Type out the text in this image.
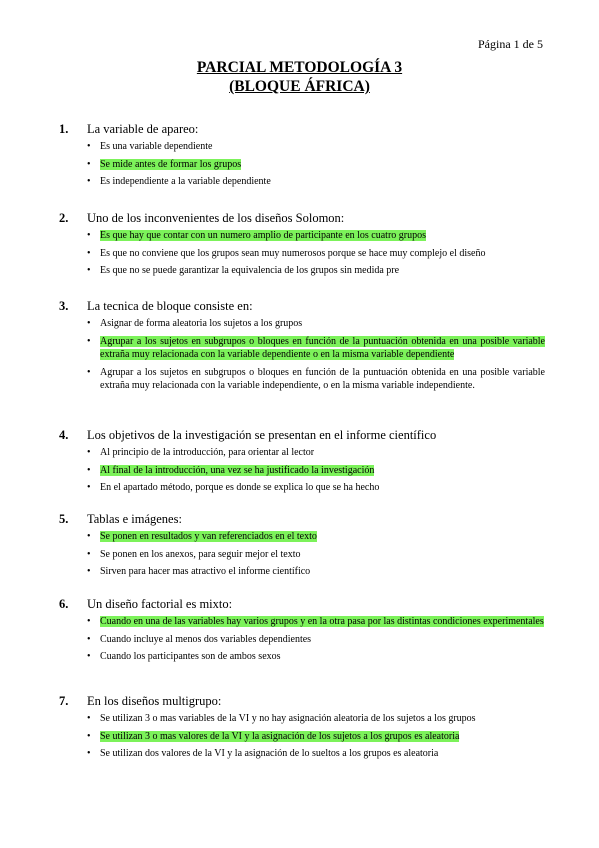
Página 1 de 5
PARCIAL METODOLOGÍA 3
(BLOQUE ÁFRICA)
1. La variable de apareo:
• Es una variable dependiente
• Se mide antes de formar los grupos
• Es independiente a la variable dependiente
2. Uno de los inconvenientes de los diseños Solomon:
• Es que hay que contar con un numero amplio de participante en los cuatro grupos
• Es que no conviene que los grupos sean muy numerosos porque se hace muy complejo el diseño
• Es que no se puede garantizar la equivalencia de los grupos sin medida pre
3. La tecnica de bloque consiste en:
• Asignar de forma aleatoria los sujetos a los grupos
• Agrupar a los sujetos en subgrupos o bloques en función de la puntuación obtenida en una posible variable extraña muy relacionada con la variable dependiente o en la misma variable dependiente
• Agrupar a los sujetos en subgrupos o bloques en función de la puntuación obtenida en una posible variable extraña muy relacionada con la variable independiente, o en la misma variable independiente.
4. Los objetivos de la investigación se presentan en el informe científico
• Al principio de la introducción, para orientar al lector
• Al final de la introducción, una vez se ha justificado la investigación
• En el apartado método, porque es donde se explica lo que se ha hecho
5. Tablas e imágenes:
• Se ponen en resultados y van referenciados en el texto
• Se ponen en los anexos, para seguir mejor el texto
• Sirven para hacer mas atractivo el informe científico
6. Un diseño factorial es mixto:
• Cuando en una de las variables hay varios grupos y en la otra pasa por las distintas condiciones experimentales
• Cuando incluye al menos dos variables dependientes
• Cuando los participantes son de ambos sexos
7. En los diseños multigrupo:
• Se utilizan 3 o mas variables de la VI y no hay asignación aleatoria de los sujetos a los grupos
• Se utilizan 3 o mas valores de la VI y la asignación de los sujetos a los grupos es aleatoria
• Se utilizan dos valores de la VI y la asignación de lo sueltos a los grupos es aleatoria
